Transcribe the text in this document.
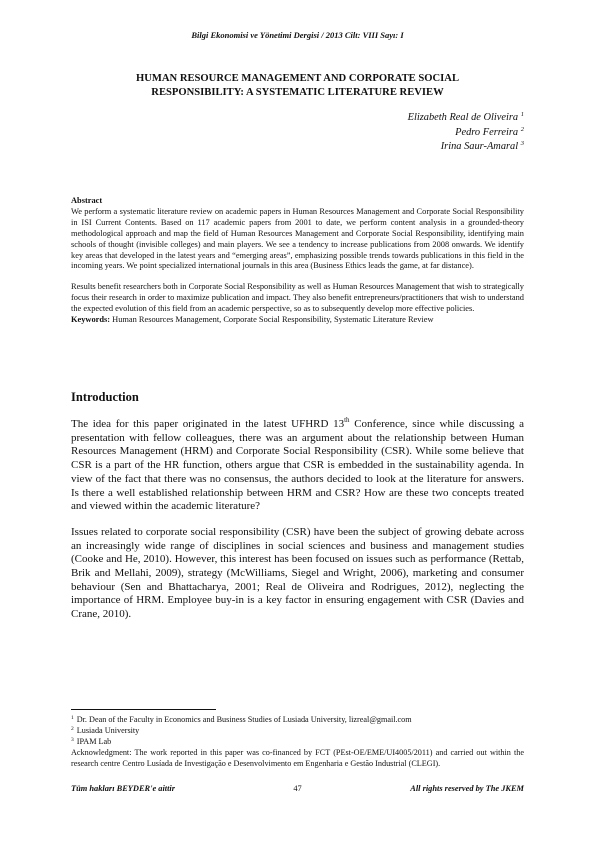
Bilgi Ekonomisi ve Yönetimi Dergisi / 2013 Cilt: VIII Sayı: I
HUMAN RESOURCE MANAGEMENT AND CORPORATE SOCIAL
RESPONSIBILITY: A SYSTEMATIC LITERATURE REVIEW
Elizabeth Real de Oliveira $^1$
Pedro Ferreira $^2$
Irina Saur-Amaral $^3$
Abstract

We perform a systematic literature review on academic papers in Human Resources Management and Corporate Social Responsibility in ISI Current Contents. Based on 117 academic papers from 2001 to date, we perform content analysis in a grounded-theory methodological approach and map the field of Human Resources Management and Corporate Social Responsibility, identifying main schools of thought (invisible colleges) and main players. We see a tendency to increase publications from 2008 onwards. We identify key areas that developed in the latest years and “emerging areas”, emphasizing possible trends towards publications in this field in the incoming years. We point specialized international journals in this area (Business Ethics leads the game, at far distance).

Results benefit researchers both in Corporate Social Responsibility as well as Human Resources Management that wish to strategically focus their research in order to maximize publication and impact. They also benefit entrepreneurs/practitioners that wish to understand the expected evolution of this field from an academic perspective, so as to subsequently develop more effective policies.

Keywords: Human Resources Management, Corporate Social Responsibility, Systematic Literature Review

Introduction

The idea for this paper originated in the latest UFHRD 13th Conference, since while discussing a presentation with fellow colleagues, there was an argument about the relationship between Human Resources Management (HRM) and Corporate Social Responsibility (CSR). While some believe that CSR is a part of the HR function, others argue that CSR is embedded in the sustainability agenda. In view of the fact that there was no consensus, the authors decided to look at the literature for answers. Is there a well established relationship between HRM and CSR? How are these two concepts treated and viewed within the academic literature?

Issues related to corporate social responsibility (CSR) have been the subject of growing debate across an increasingly wide range of disciplines in social sciences and business and management studies (Cooke and He, 2010). However, this interest has been focused on issues such as performance (Rettab, Brik and Mellahi, 2009), strategy (McWilliams, Siegel and Wright, 2006), marketing and consumer behaviour (Sen and Bhattacharya, 2001; Real de Oliveira and Rodrigues, 2012), neglecting the importance of HRM. Employee buy-in is a key factor in ensuring engagement with CSR (Davies and Crane, 2010).

$^1$ Dr. Dean of the Faculty in Economics and Business Studies of Lusiada University, lizreal@gmail.com
$^2$ Lusiada University
$^3$ IPAM Lab
Acknowledgment: The work reported in this paper was co-financed by FCT (PEst-OE/EME/UI4005/2011) and carried out within the research centre Centro Lusíada de Investigação e Desenvolvimento em Engenharia e Gestão Industrial (CLEGI).
Tüm hakları BEYDER'e aittir	47	All rights reserved by The JKEM
